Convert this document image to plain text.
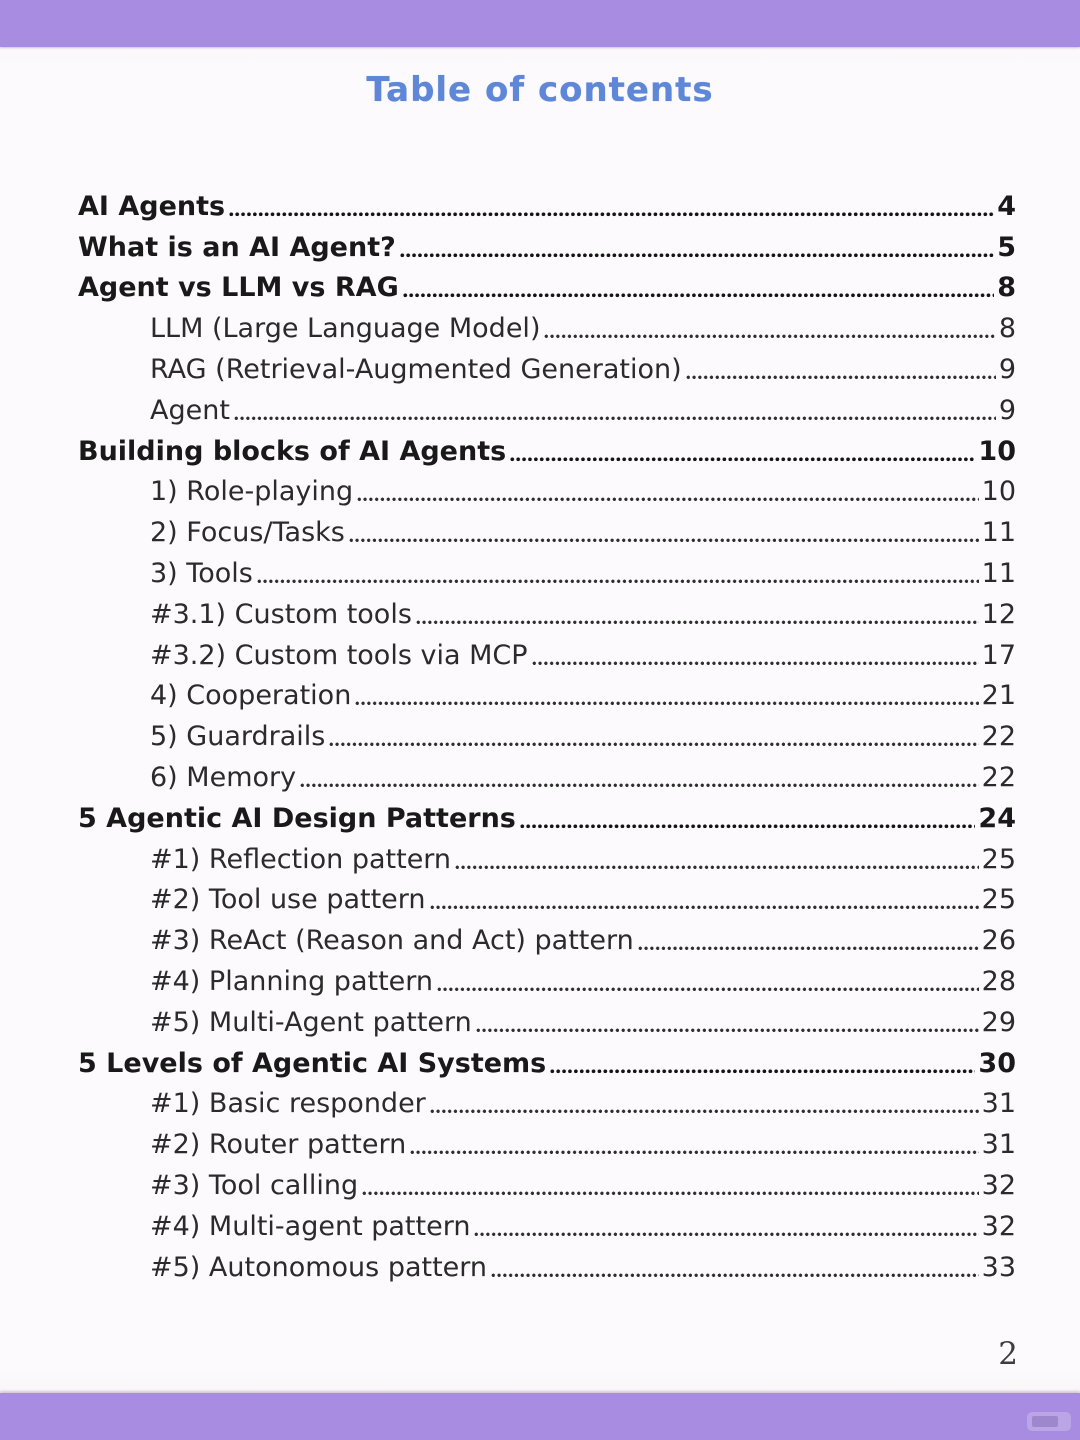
Table of contents
AI Agents	4
What is an AI Agent?	5
Agent vs LLM vs RAG	8
LLM (Large Language Model)	8
RAG (Retrieval-Augmented Generation)	9
Agent	9
Building blocks of AI Agents	10
1) Role-playing	10
2) Focus/Tasks	11
3) Tools	11
#3.1) Custom tools	12
#3.2) Custom tools via MCP	17
4) Cooperation	21
5) Guardrails	22
6) Memory	22
5 Agentic AI Design Patterns	24
#1) Reflection pattern	25
#2) Tool use pattern	25
#3) ReAct (Reason and Act) pattern	26
#4) Planning pattern	28
#5) Multi-Agent pattern	29
5 Levels of Agentic AI Systems	30
#1) Basic responder	31
#2) Router pattern	31
#3) Tool calling	32
#4) Multi-agent pattern	32
#5) Autonomous pattern	33
2
